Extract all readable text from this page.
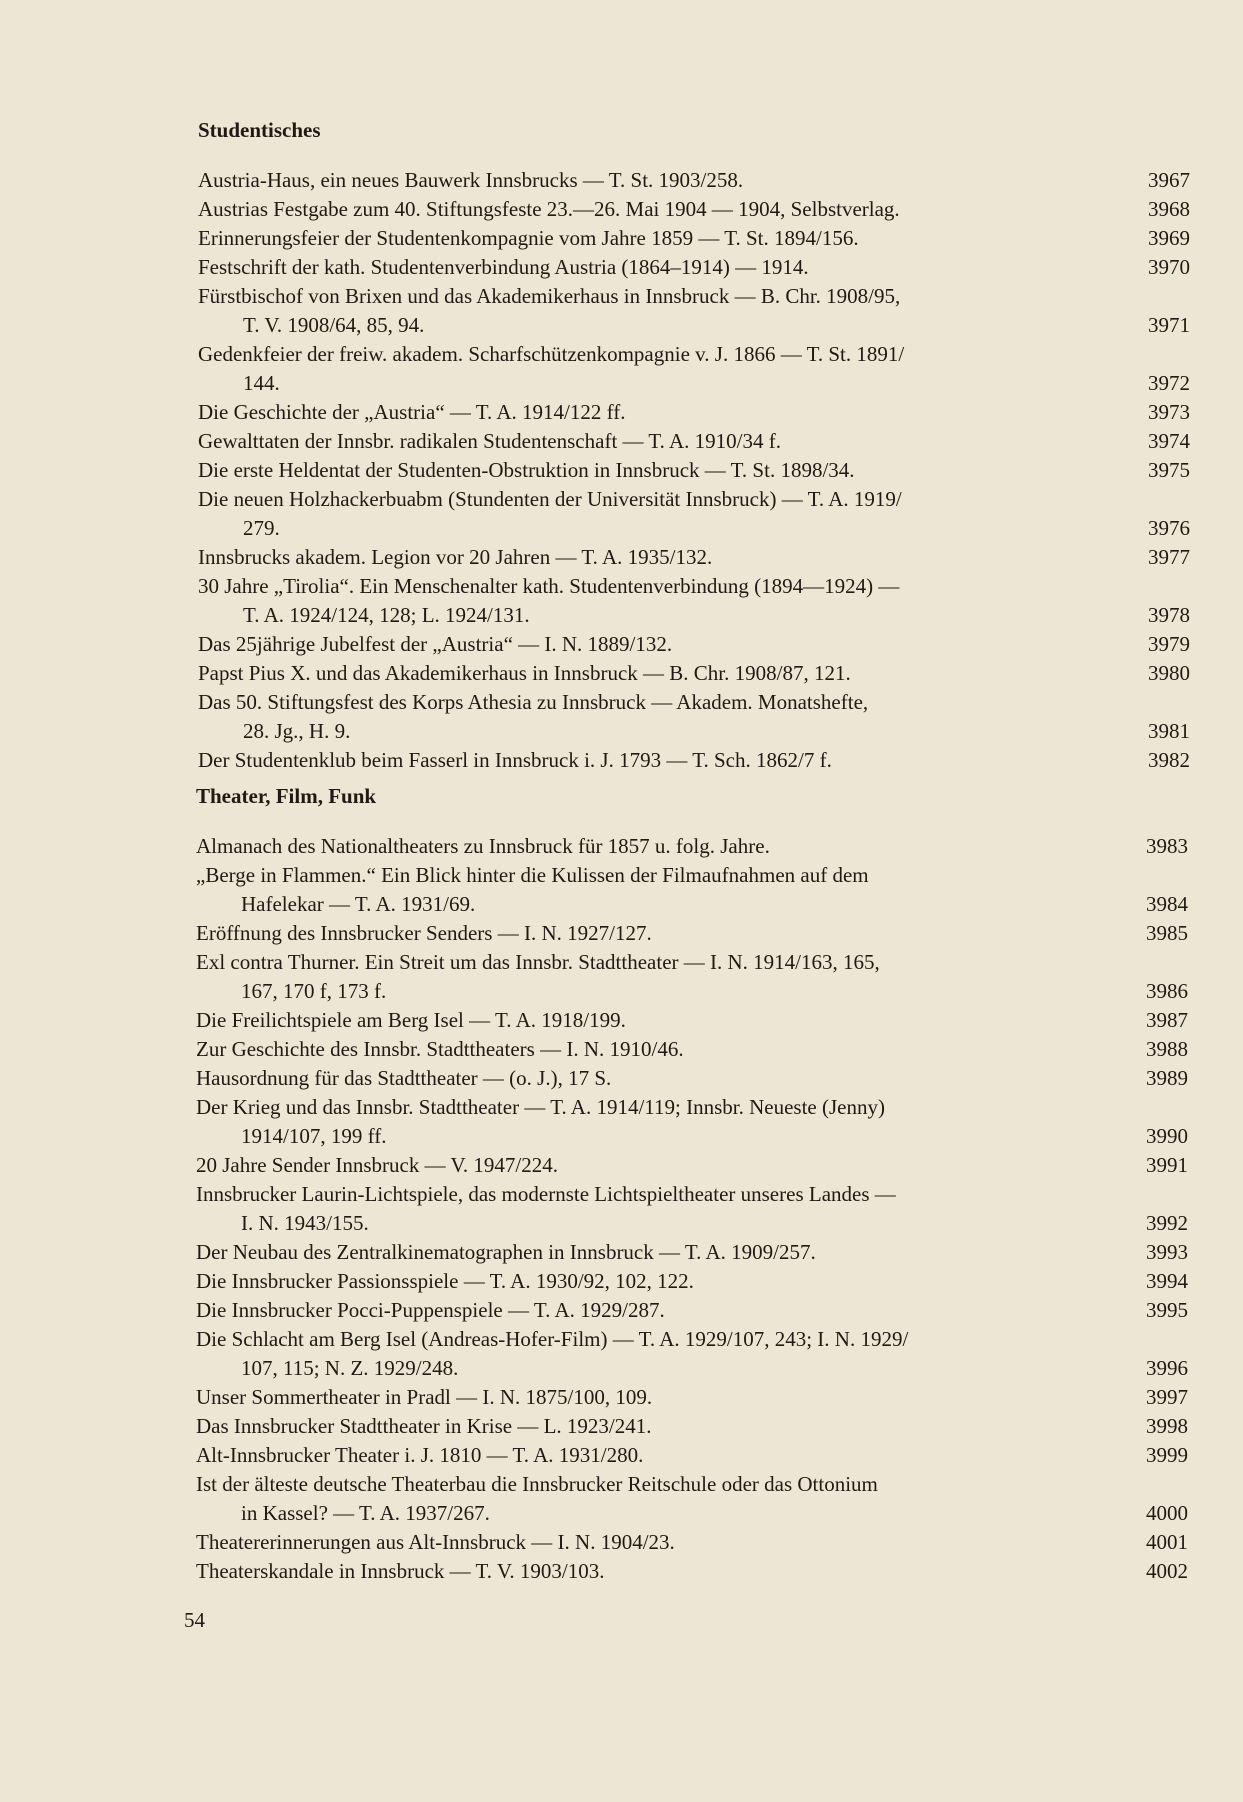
Studentisches
Austria-Haus, ein neues Bauwerk Innsbrucks — T. St. 1903/258.	3967
Austrias Festgabe zum 40. Stiftungsfeste 23.—26. Mai 1904 — 1904, Selbstverlag.	3968
Erinnerungsfeier der Studentenkompagnie vom Jahre 1859 — T. St. 1894/156.	3969
Festschrift der kath. Studentenverbindung Austria (1864–1914) — 1914.	3970
Fürstbischof von Brixen und das Akademikerhaus in Innsbruck — B. Chr. 1908/95,
T. V. 1908/64, 85, 94.	3971
Gedenkfeier der freiw. akadem. Scharfschützenkompagnie v. J. 1866 — T. St. 1891/
144.	3972
Die Geschichte der „Austria“ — T. A. 1914/122 ff.	3973
Gewalttaten der Innsbr. radikalen Studentenschaft — T. A. 1910/34 f.	3974
Die erste Heldentat der Studenten-Obstruktion in Innsbruck — T. St. 1898/34.	3975
Die neuen Holzhackerbuabm (Stundenten der Universität Innsbruck) — T. A. 1919/
279.	3976
Innsbrucks akadem. Legion vor 20 Jahren — T. A. 1935/132.	3977
30 Jahre „Tirolia“. Ein Menschenalter kath. Studentenverbindung (1894—1924) —
T. A. 1924/124, 128; L. 1924/131.	3978
Das 25jährige Jubelfest der „Austria“ — I. N. 1889/132.	3979
Papst Pius X. und das Akademikerhaus in Innsbruck — B. Chr. 1908/87, 121.	3980
Das 50. Stiftungsfest des Korps Athesia zu Innsbruck — Akadem. Monatshefte,
28. Jg., H. 9.	3981
Der Studentenklub beim Fasserl in Innsbruck i. J. 1793 — T. Sch. 1862/7 f.	3982
Theater, Film, Funk
Almanach des Nationaltheaters zu Innsbruck für 1857 u. folg. Jahre.	3983
„Berge in Flammen.“ Ein Blick hinter die Kulissen der Filmaufnahmen auf dem
Hafelekar — T. A. 1931/69.	3984
Eröffnung des Innsbrucker Senders — I. N. 1927/127.	3985
Exl contra Thurner. Ein Streit um das Innsbr. Stadttheater — I. N. 1914/163, 165,
167, 170 f, 173 f.	3986
Die Freilichtspiele am Berg Isel — T. A. 1918/199.	3987
Zur Geschichte des Innsbr. Stadttheaters — I. N. 1910/46.	3988
Hausordnung für das Stadttheater — (o. J.), 17 S.	3989
Der Krieg und das Innsbr. Stadttheater — T. A. 1914/119; Innsbr. Neueste (Jenny)
1914/107, 199 ff.	3990
20 Jahre Sender Innsbruck — V. 1947/224.	3991
Innsbrucker Laurin-Lichtspiele, das modernste Lichtspieltheater unseres Landes —
I. N. 1943/155.	3992
Der Neubau des Zentralkinematographen in Innsbruck — T. A. 1909/257.	3993
Die Innsbrucker Passionsspiele — T. A. 1930/92, 102, 122.	3994
Die Innsbrucker Pocci-Puppenspiele — T. A. 1929/287.	3995
Die Schlacht am Berg Isel (Andreas-Hofer-Film) — T. A. 1929/107, 243; I. N. 1929/
107, 115; N. Z. 1929/248.	3996
Unser Sommertheater in Pradl — I. N. 1875/100, 109.	3997
Das Innsbrucker Stadttheater in Krise — L. 1923/241.	3998
Alt-Innsbrucker Theater i. J. 1810 — T. A. 1931/280.	3999
Ist der älteste deutsche Theaterbau die Innsbrucker Reitschule oder das Ottonium
in Kassel? — T. A. 1937/267.	4000
Theatererinnerungen aus Alt-Innsbruck — I. N. 1904/23.	4001
Theaterskandale in Innsbruck — T. V. 1903/103.	4002
54
